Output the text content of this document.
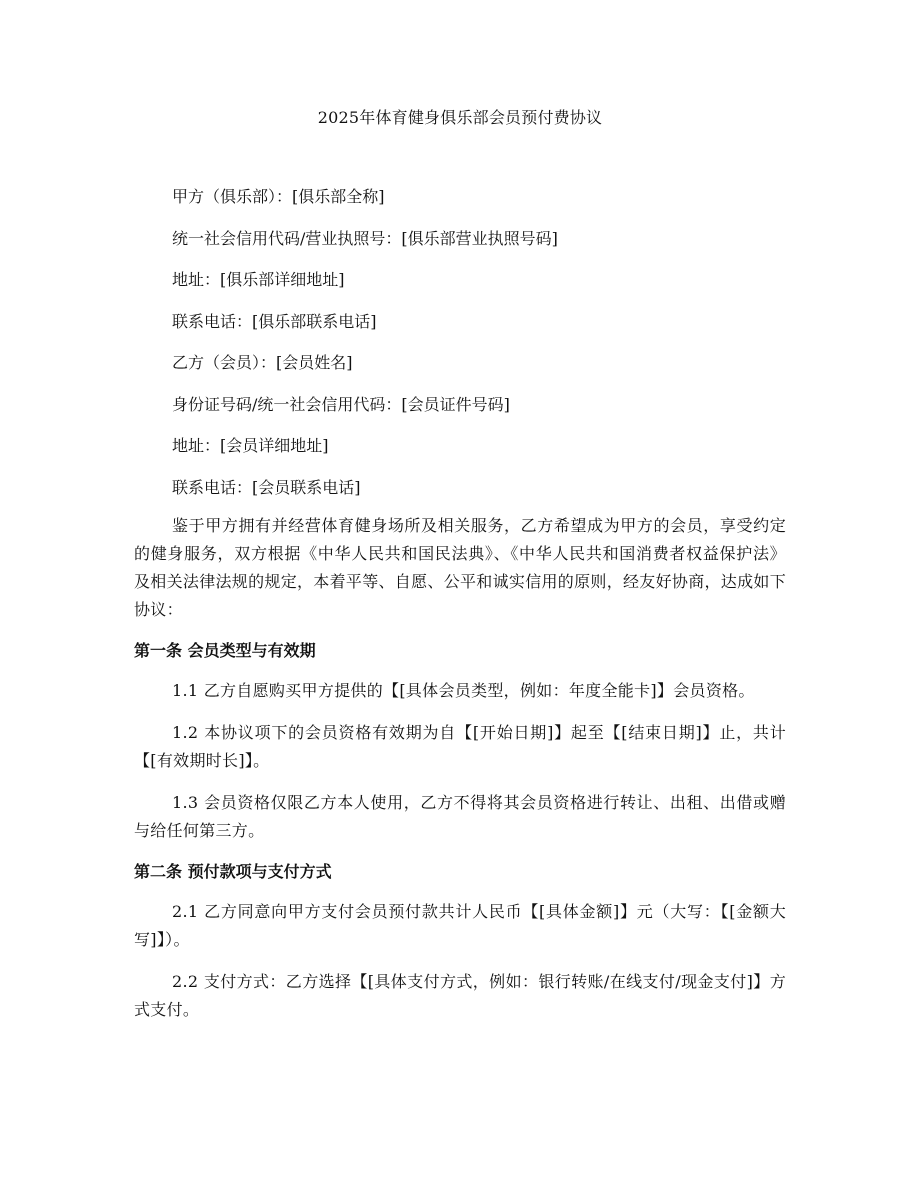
2025年体育健身俱乐部会员预付费协议
甲方（俱乐部）：[俱乐部全称]
统一社会信用代码/营业执照号：[俱乐部营业执照号码]
地址：[俱乐部详细地址]
联系电话：[俱乐部联系电话]
乙方（会员）：[会员姓名]
身份证号码/统一社会信用代码：[会员证件号码]
地址：[会员详细地址]
联系电话：[会员联系电话]

鉴于甲方拥有并经营体育健身场所及相关服务，乙方希望成为甲方的会员，享受约定的健身服务，双方根据《中华人民共和国民法典》、《中华人民共和国消费者权益保护法》及相关法律法规的规定，本着平等、自愿、公平和诚实信用的原则，经友好协商，达成如下协议：

第一条 会员类型与有效期

1.1 乙方自愿购买甲方提供的【[具体会员类型，例如：年度全能卡]】会员资格。

1.2 本协议项下的会员资格有效期为自【[开始日期]】起至【[结束日期]】止，共计【[有效期时长]】。

1.3 会员资格仅限乙方本人使用，乙方不得将其会员资格进行转让、出租、出借或赠与给任何第三方。

第二条 预付款项与支付方式

2.1 乙方同意向甲方支付会员预付款共计人民币【[具体金额]】元（大写：【[金额大写]】）。

2.2 支付方式：乙方选择【[具体支付方式，例如：银行转账/在线支付/现金支付]】方式支付。
